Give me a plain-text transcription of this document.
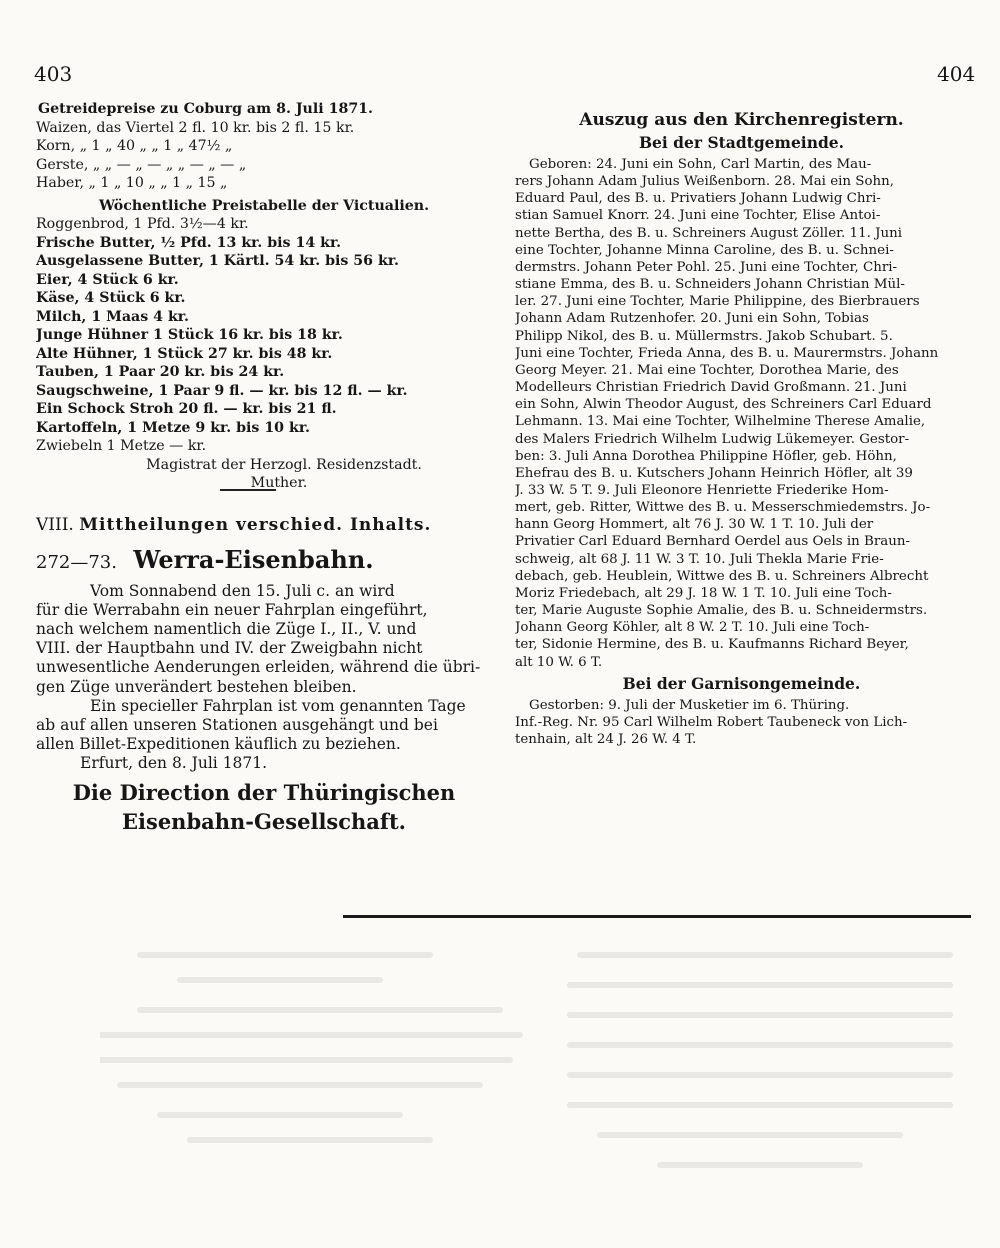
403	404
Getreidepreise zu Coburg am 8. Juli 1871.
Waizen, das Viertel 2 fl. 10 kr. bis 2 fl. 15 kr.
Korn, „ 1 „ 40 „ „ 1 „ 47½ „
Gerste, „ „ — „ — „ „ — „ — „
Haber, „ 1 „ 10 „ „ 1 „ 15 „
Wöchentliche Preistabelle der Victualien.
Roggenbrod, 1 Pfd. 3½—4 kr.
Frische Butter, ½ Pfd. 13 kr. bis 14 kr.
Ausgelassene Butter, 1 Kärtl. 54 kr. bis 56 kr.
Eier, 4 Stück 6 kr.
Käse, 4 Stück 6 kr.
Milch, 1 Maas 4 kr.
Junge Hühner 1 Stück 16 kr. bis 18 kr.
Alte Hühner, 1 Stück 27 kr. bis 48 kr.
Tauben, 1 Paar 20 kr. bis 24 kr.
Saugschweine, 1 Paar 9 fl. — kr. bis 12 fl. — kr.
Ein Schock Stroh 20 fl. — kr. bis 21 fl.
Kartoffeln, 1 Metze 9 kr. bis 10 kr.
Zwiebeln 1 Metze — kr.
Magistrat der Herzogl. Residenzstadt.
Muther.
VIII. Mittheilungen verschied. Inhalts.
272—73. Werra-Eisenbahn.
Vom Sonnabend den 15. Juli c. an wird
für die Werrabahn ein neuer Fahrplan eingeführt,
nach welchem namentlich die Züge I., II., V. und
VIII. der Hauptbahn und IV. der Zweigbahn nicht
unwesentliche Aenderungen erleiden, während die übri-
gen Züge unverändert bestehen bleiben.
Ein specieller Fahrplan ist vom genannten Tage
ab auf allen unseren Stationen ausgehängt und bei
allen Billet-Expeditionen käuflich zu beziehen.
Erfurt, den 8. Juli 1871.
Die Direction der Thüringischen
Eisenbahn-Gesellschaft.
Auszug aus den Kirchenregistern.
Bei der Stadtgemeinde.
Geboren: 24. Juni ein Sohn, Carl Martin, des Mau-
rers Johann Adam Julius Weißenborn. 28. Mai ein Sohn,
Eduard Paul, des B. u. Privatiers Johann Ludwig Chri-
stian Samuel Knorr. 24. Juni eine Tochter, Elise Antoi-
nette Bertha, des B. u. Schreiners August Zöller. 11. Juni
eine Tochter, Johanne Minna Caroline, des B. u. Schnei-
dermstrs. Johann Peter Pohl. 25. Juni eine Tochter, Chri-
stiane Emma, des B. u. Schneiders Johann Christian Mül-
ler. 27. Juni eine Tochter, Marie Philippine, des Bierbrauers
Johann Adam Rutzenhofer. 20. Juni ein Sohn, Tobias
Philipp Nikol, des B. u. Müllermstrs. Jakob Schubart. 5.
Juni eine Tochter, Frieda Anna, des B. u. Maurermstrs. Johann
Georg Meyer. 21. Mai eine Tochter, Dorothea Marie, des
Modelleurs Christian Friedrich David Großmann. 21. Juni
ein Sohn, Alwin Theodor August, des Schreiners Carl Eduard
Lehmann. 13. Mai eine Tochter, Wilhelmine Therese Amalie,
des Malers Friedrich Wilhelm Ludwig Lükemeyer. Gestor-
ben: 3. Juli Anna Dorothea Philippine Höfler, geb. Höhn,
Ehefrau des B. u. Kutschers Johann Heinrich Höfler, alt 39
J. 33 W. 5 T. 9. Juli Eleonore Henriette Friederike Hom-
mert, geb. Ritter, Wittwe des B. u. Messerschmiedemstrs. Jo-
hann Georg Hommert, alt 76 J. 30 W. 1 T. 10. Juli der
Privatier Carl Eduard Bernhard Oerdel aus Oels in Braun-
schweig, alt 68 J. 11 W. 3 T. 10. Juli Thekla Marie Frie-
debach, geb. Heublein, Wittwe des B. u. Schreiners Albrecht
Moriz Friedebach, alt 29 J. 18 W. 1 T. 10. Juli eine Toch-
ter, Marie Auguste Sophie Amalie, des B. u. Schneidermstrs.
Johann Georg Köhler, alt 8 W. 2 T. 10. Juli eine Toch-
ter, Sidonie Hermine, des B. u. Kaufmanns Richard Beyer,
alt 10 W. 6 T.
Bei der Garnisongemeinde.
Gestorben: 9. Juli der Musketier im 6. Thüring.
Inf.-Reg. Nr. 95 Carl Wilhelm Robert Taubeneck von Lich-
tenhain, alt 24 J. 26 W. 4 T.
